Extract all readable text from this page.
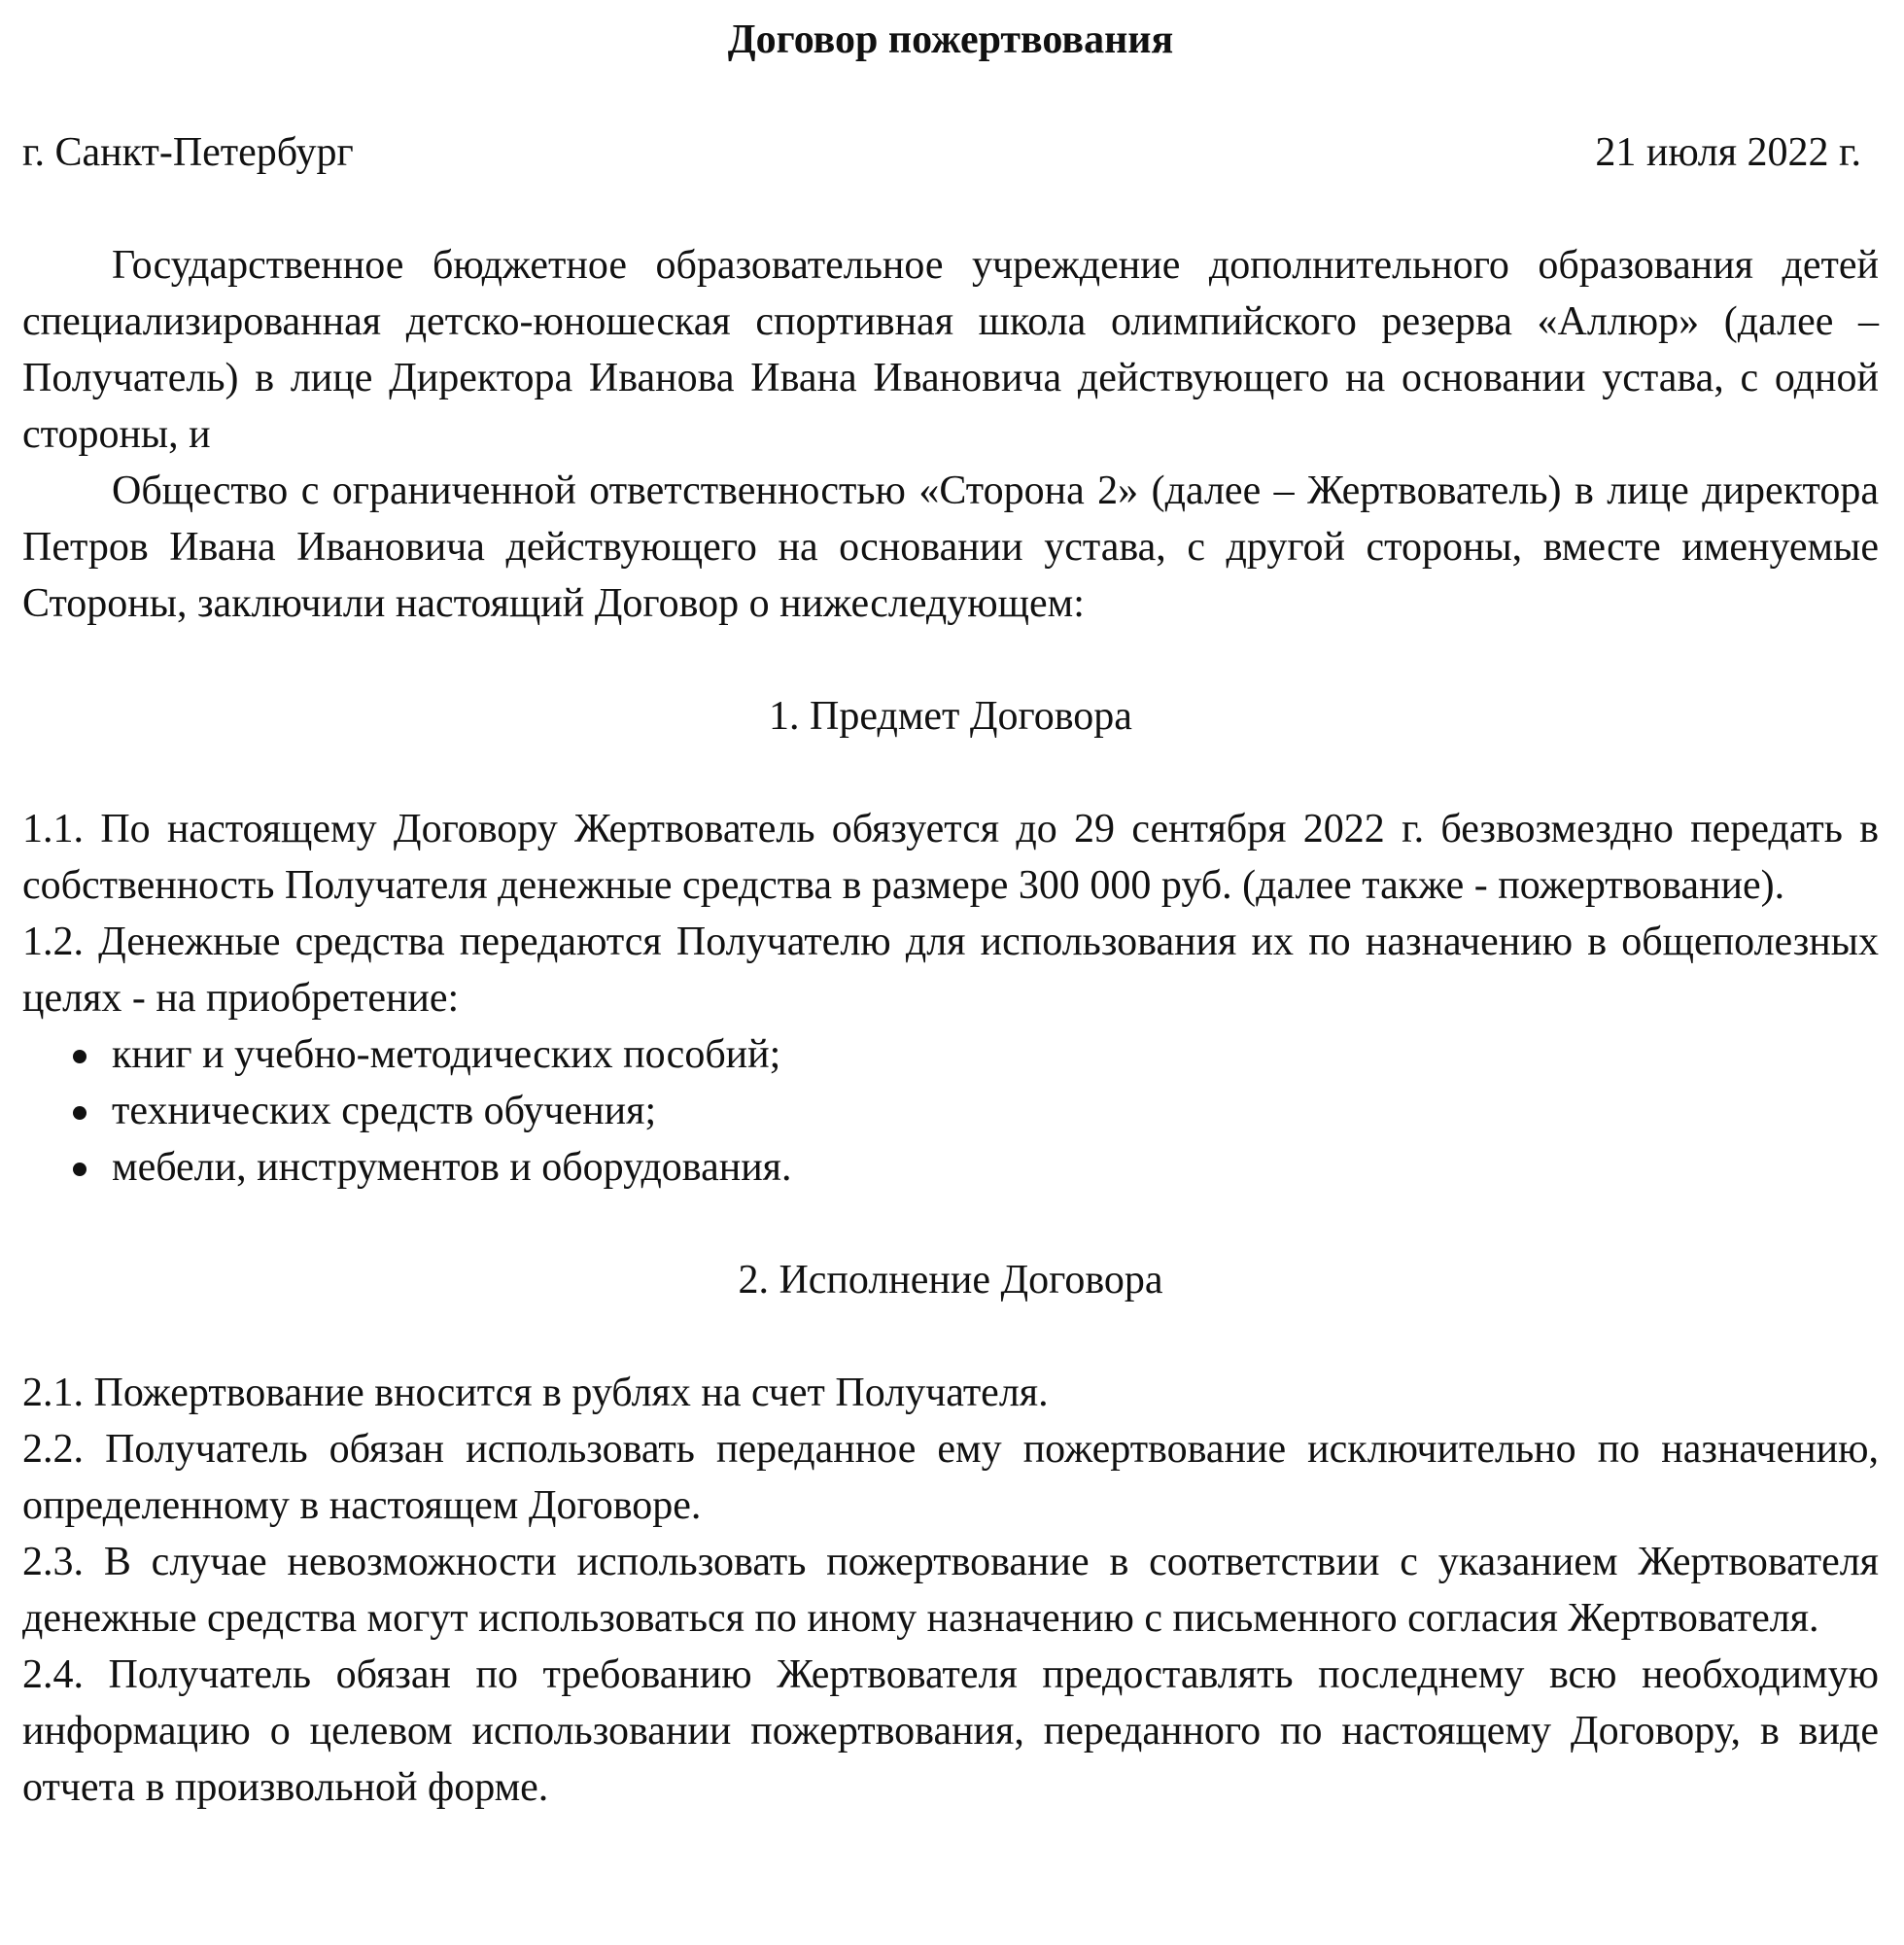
Договор пожертвования

г. Санкт-Петербург	21 июля 2022 г.

Государственное бюджетное образовательное учреждение дополнительного образования детей специализированная детско-юношеская спортивная школа олимпийского резерва «Аллюр» (далее – Получатель) в лице Директора Иванова Ивана Ивановича действующего на основании устава, с одной стороны, и

Общество с ограниченной ответственностью «Сторона 2» (далее – Жертвователь) в лице директора Петров Ивана Ивановича действующего на основании устава, с другой стороны, вместе именуемые Стороны, заключили настоящий Договор о нижеследующем:

1. Предмет Договора

1.1. По настоящему Договору Жертвователь обязуется до 29 сентября 2022 г. безвозмездно передать в собственность Получателя денежные средства в размере 300 000 руб. (далее также - пожертвование).

1.2. Денежные средства передаются Получателю для использования их по назначению в общеполезных целях - на приобретение:

книг и учебно-методических пособий;
технических средств обучения;
мебели, инструментов и оборудования.

2. Исполнение Договора

2.1. Пожертвование вносится в рублях на счет Получателя.

2.2. Получатель обязан использовать переданное ему пожертвование исключительно по назначению, определенному в настоящем Договоре.

2.3. В случае невозможности использовать пожертвование в соответствии с указанием Жертвователя денежные средства могут использоваться по иному назначению с письменного согласия Жертвователя.

2.4. Получатель обязан по требованию Жертвователя предоставлять последнему всю необходимую информацию о целевом использовании пожертвования, переданного по настоящему Договору, в виде отчета в произвольной форме.
